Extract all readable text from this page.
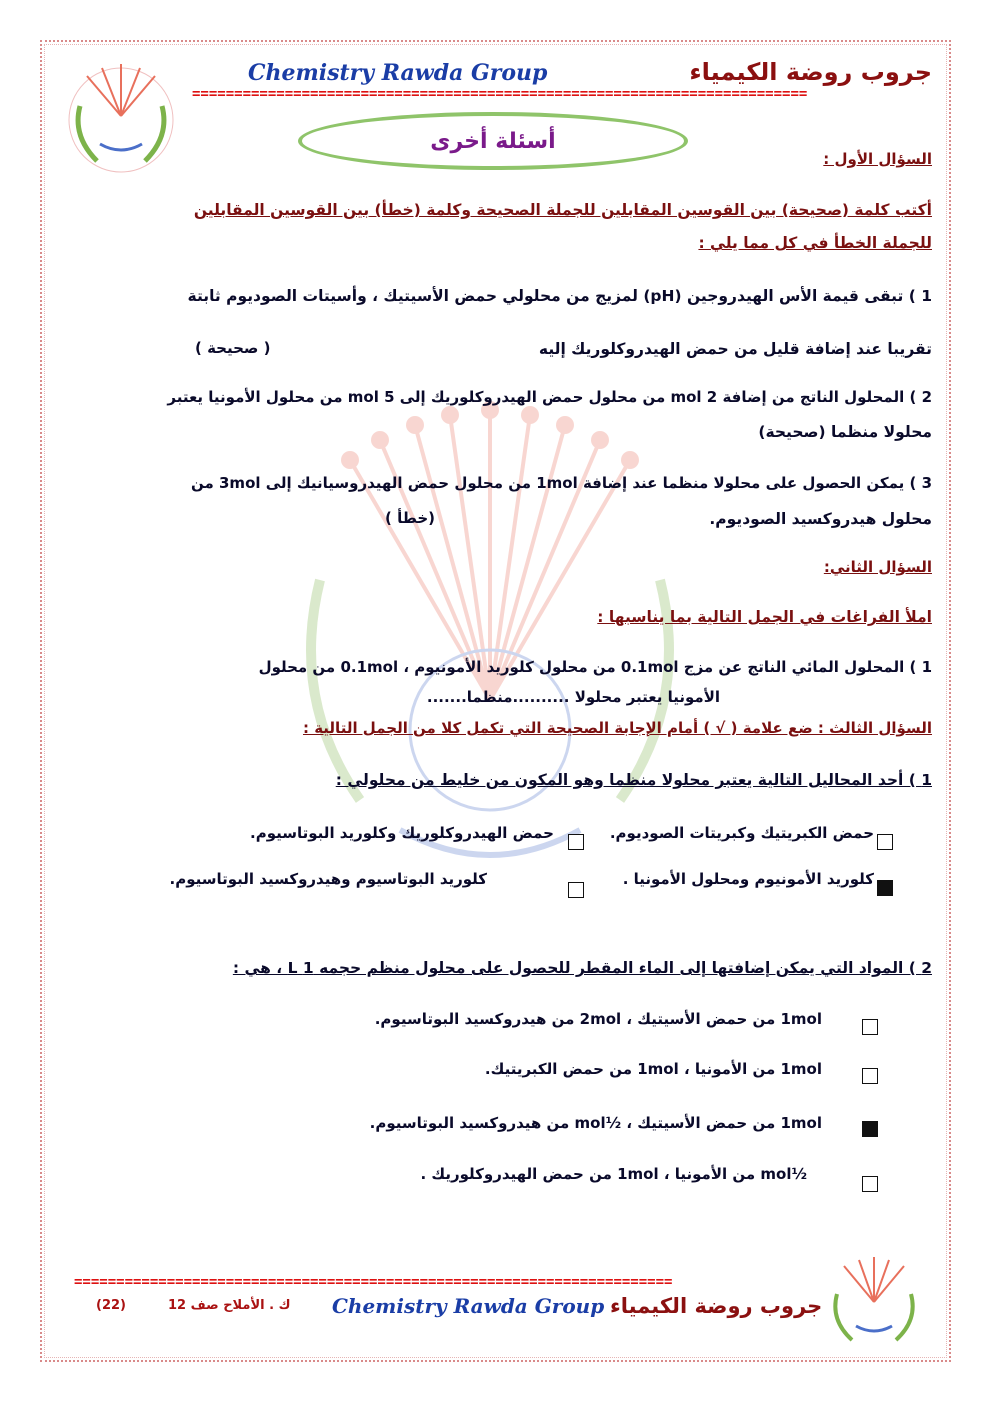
جروب روضة الكيمياء
Chemistry Rawda Group
=========================================================================
أسئلة أخرى
السؤال الأول :
أكتب كلمة (صحيحة) بين القوسين المقابلين للجملة الصحيحة وكلمة (خطأ) بين القوسين المقابلين
للجملة الخطأ في كل مما يلي :
1 ) تبقى قيمة الأس الهيدروجين (pH) لمزيج من محلولي حمض الأسيتيك ، وأسيتات الصوديوم ثابتة
تقريبا عند إضافة قليل من حمض الهيدروكلوريك إليه
( صحيحة )
2 ) المحلول الناتج من إضافة 2 mol من محلول حمض الهيدروكلوريك إلى 5 mol من محلول الأمونيا يعتبر
محلولا منظما (صحيحة)
3 ) يمكن الحصول على محلولا منظما عند إضافة 1mol من محلول حمض الهيدروسيانيك إلى 3mol من
محلول هيدروكسيد الصوديوم.
(خطأ )
السؤال الثاني:
املأ الفراغات في الجمل التالية بما يناسبها :
1 ) المحلول المائي الناتج عن مزج 0.1mol من محلول كلوريد الأمونيوم ، 0.1mol من محلول
الأمونيا يعتبر محلولا ..........منظما.......
السؤال الثالث : ضع علامة ( √ ) أمام الإجابة الصحيحة التي تكمل كلا من الجمل التالية :
1 ) أحد المحاليل التالية يعتبر محلولا منظما وهو المكون من خليط من محلولي :
حمض الكبريتيك وكبريتات الصوديوم.
حمض الهيدروكلوريك وكلوريد البوتاسيوم.
كلوريد الأمونيوم ومحلول الأمونيا .
كلوريد البوتاسيوم وهيدروكسيد البوتاسيوم.
2 ) المواد التي يمكن إضافتها إلى الماء المقطر للحصول على محلول منظم حجمه 1 L ، هي :
1mol من حمض الأسيتيك ، 2mol من هيدروكسيد البوتاسيوم.
1mol من الأمونيا ، 1mol من حمض الكبريتيك.
1mol من حمض الأسيتيك ، ½mol من هيدروكسيد البوتاسيوم.
½mol من الأمونيا ، 1mol من حمض الهيدروكلوريك .
=======================================================================
جروب روضة الكيمياء
Chemistry Rawda Group
ك . الأملاح صف 12
(22)
